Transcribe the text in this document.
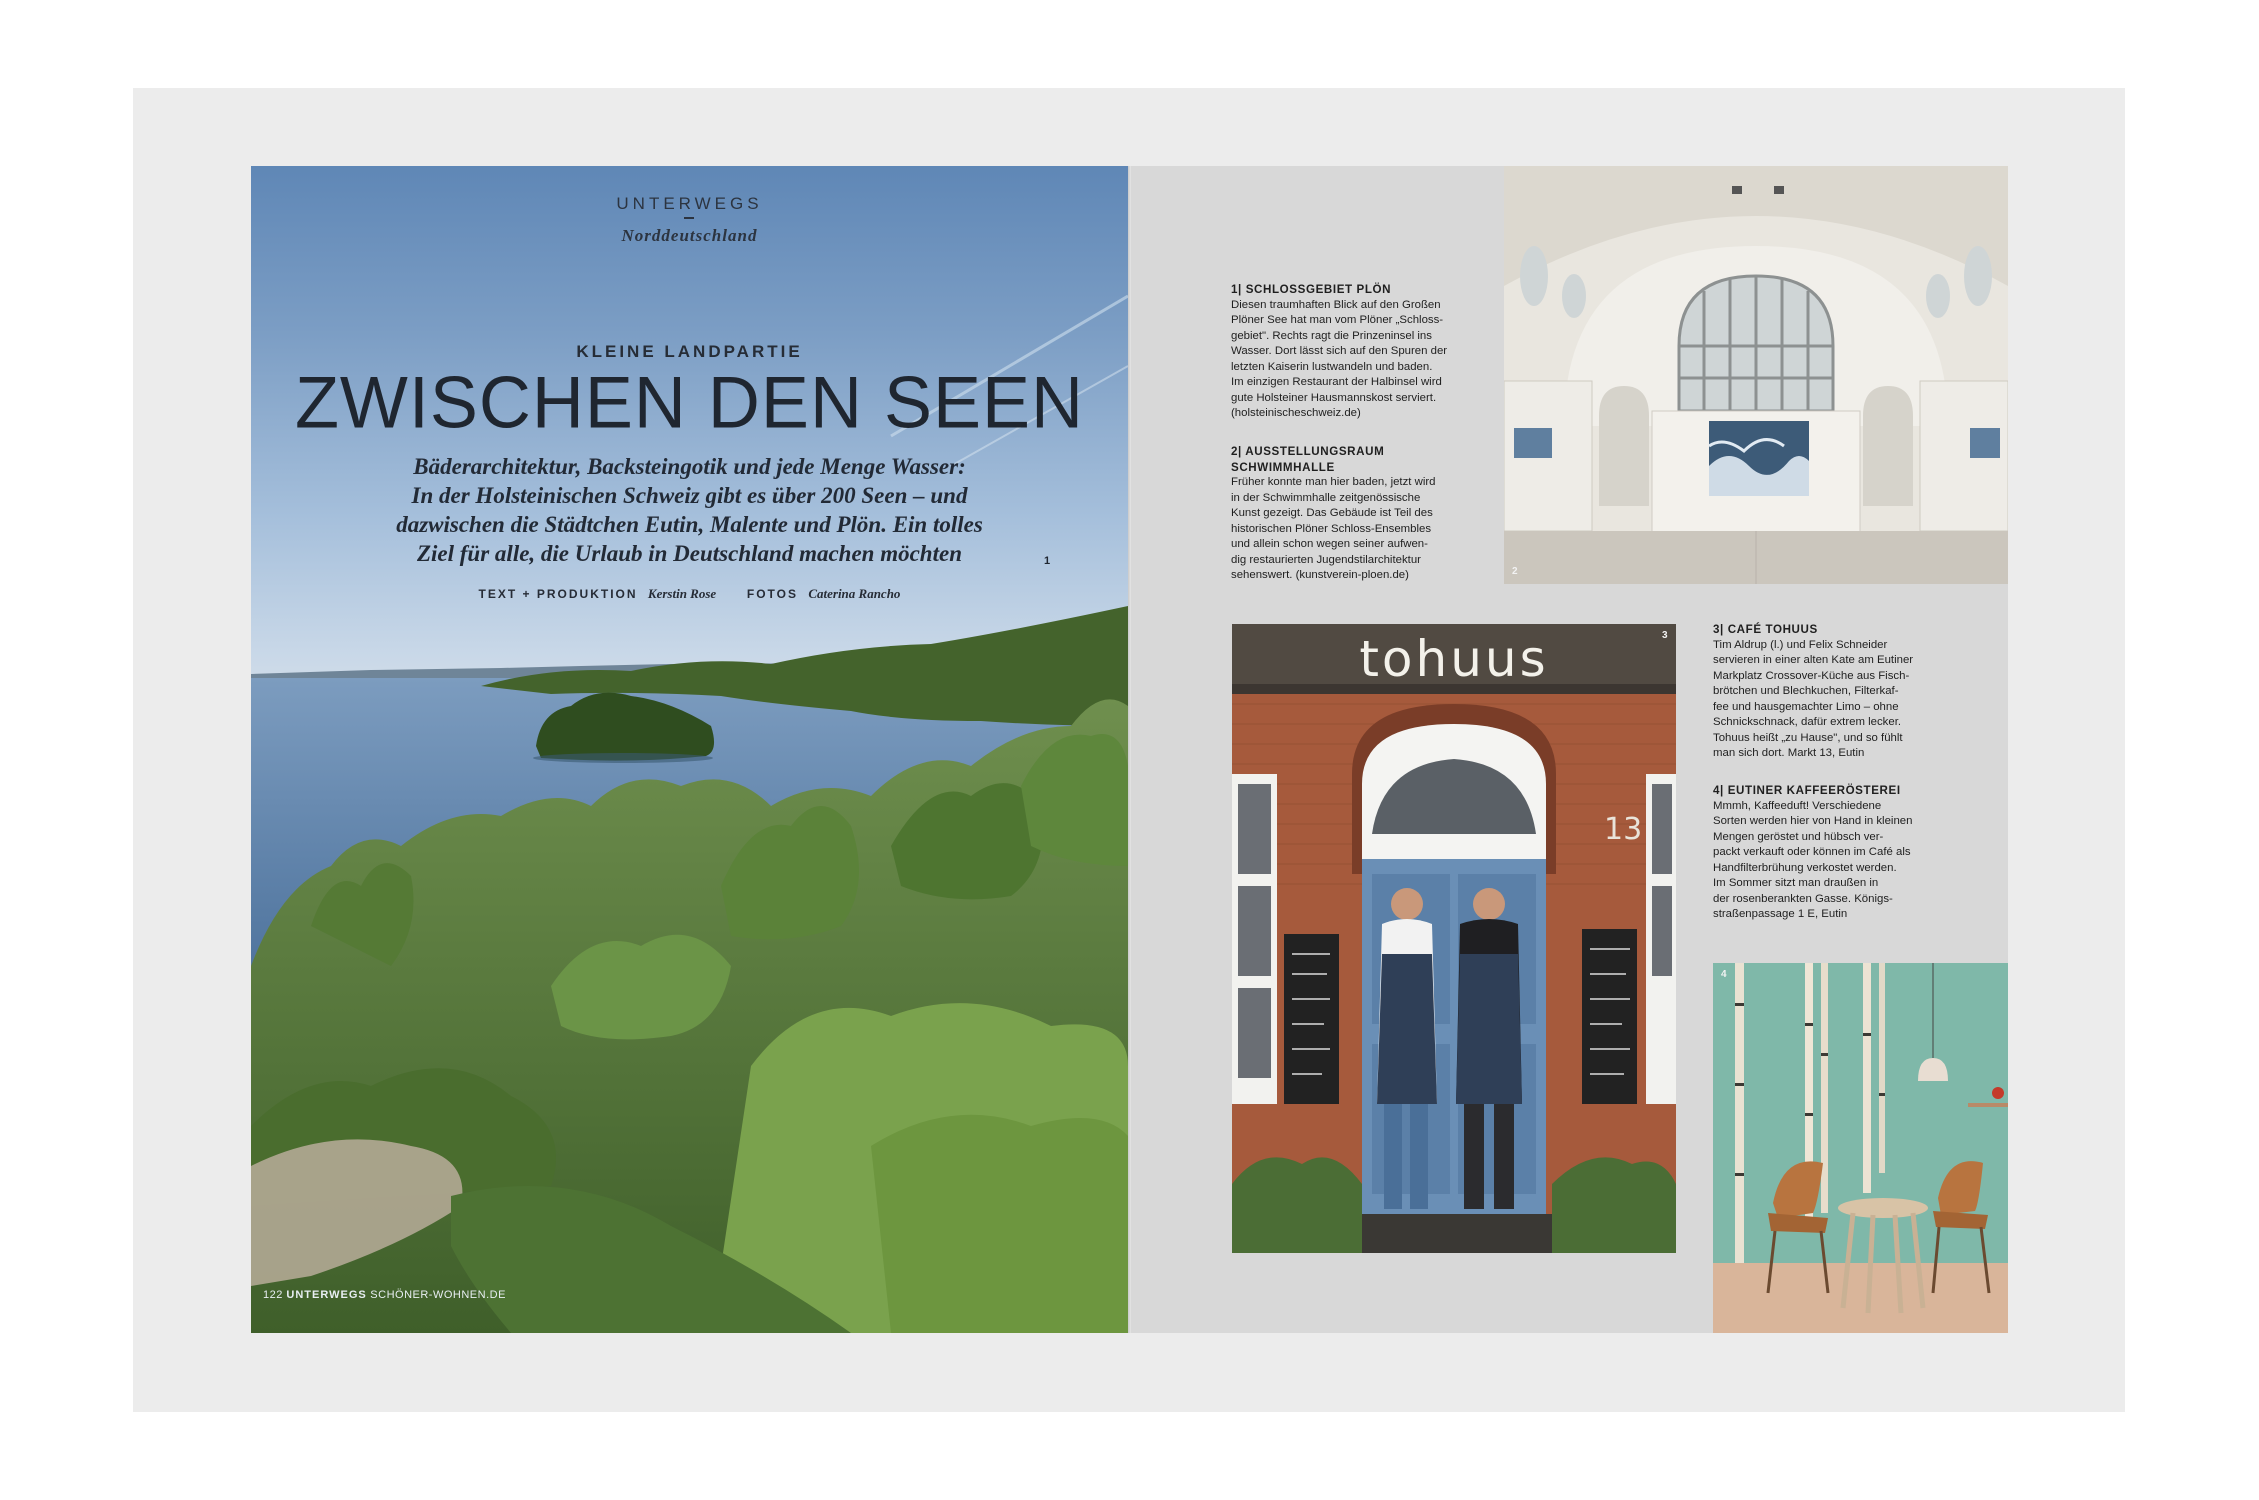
UNTERWEGS
Norddeutschland
KLEINE LANDPARTIE
ZWISCHEN DEN SEEN
Bäderarchitektur, Backsteingotik und jede Menge Wasser:
In der Holsteinischen Schweiz gibt es über 200 Seen – und
dazwischen die Städtchen Eutin, Malente und Plön. Ein tolles
Ziel für alle, die Urlaub in Deutschland machen möchten	1
TEXT + PRODUKTION Kerstin Rose	FOTOS Caterina Rancho
122 UNTERWEGS SCHÖNER-WOHNEN.DE
1| SCHLOSSGEBIET PLÖN
Diesen traumhaften Blick auf den Großen
Plöner See hat man vom Plöner „Schloss-
gebiet". Rechts ragt die Prinzeninsel ins
Wasser. Dort lässt sich auf den Spuren der
letzten Kaiserin lustwandeln und baden.
Im einzigen Restaurant der Halbinsel wird
gute Holsteiner Hausmannskost serviert.
(holsteinischeschweiz.de)
2| AUSSTELLUNGSRAUM
SCHWIMMHALLE
Früher konnte man hier baden, jetzt wird
in der Schwimmhalle zeitgenössische
Kunst gezeigt. Das Gebäude ist Teil des
historischen Plöner Schloss-Ensembles
und allein schon wegen seiner aufwen-
dig restaurierten Jugendstilarchitektur
sehenswert. (kunstverein-ploen.de)	2
tohuus
13
3	3| CAFÉ TOHUUS
Tim Aldrup (l.) und Felix Schneider
servieren in einer alten Kate am Eutiner
Markplatz Crossover-Küche aus Fisch-
brötchen und Blechkuchen, Filterkaf-
fee und hausgemachter Limo – ohne
Schnickschnack, dafür extrem lecker.
Tohuus heißt „zu Hause", und so fühlt
man sich dort. Markt 13, Eutin
4| EUTINER KAFFEERÖSTEREI
Mmmh, Kaffeeduft! Verschiedene
Sorten werden hier von Hand in kleinen
Mengen geröstet und hübsch ver-
packt verkauft oder können im Café als
Handfilterbrühung verkostet werden.
Im Sommer sitzt man draußen in
der rosenberankten Gasse. Königs-
straßenpassage 1 E, Eutin
4
